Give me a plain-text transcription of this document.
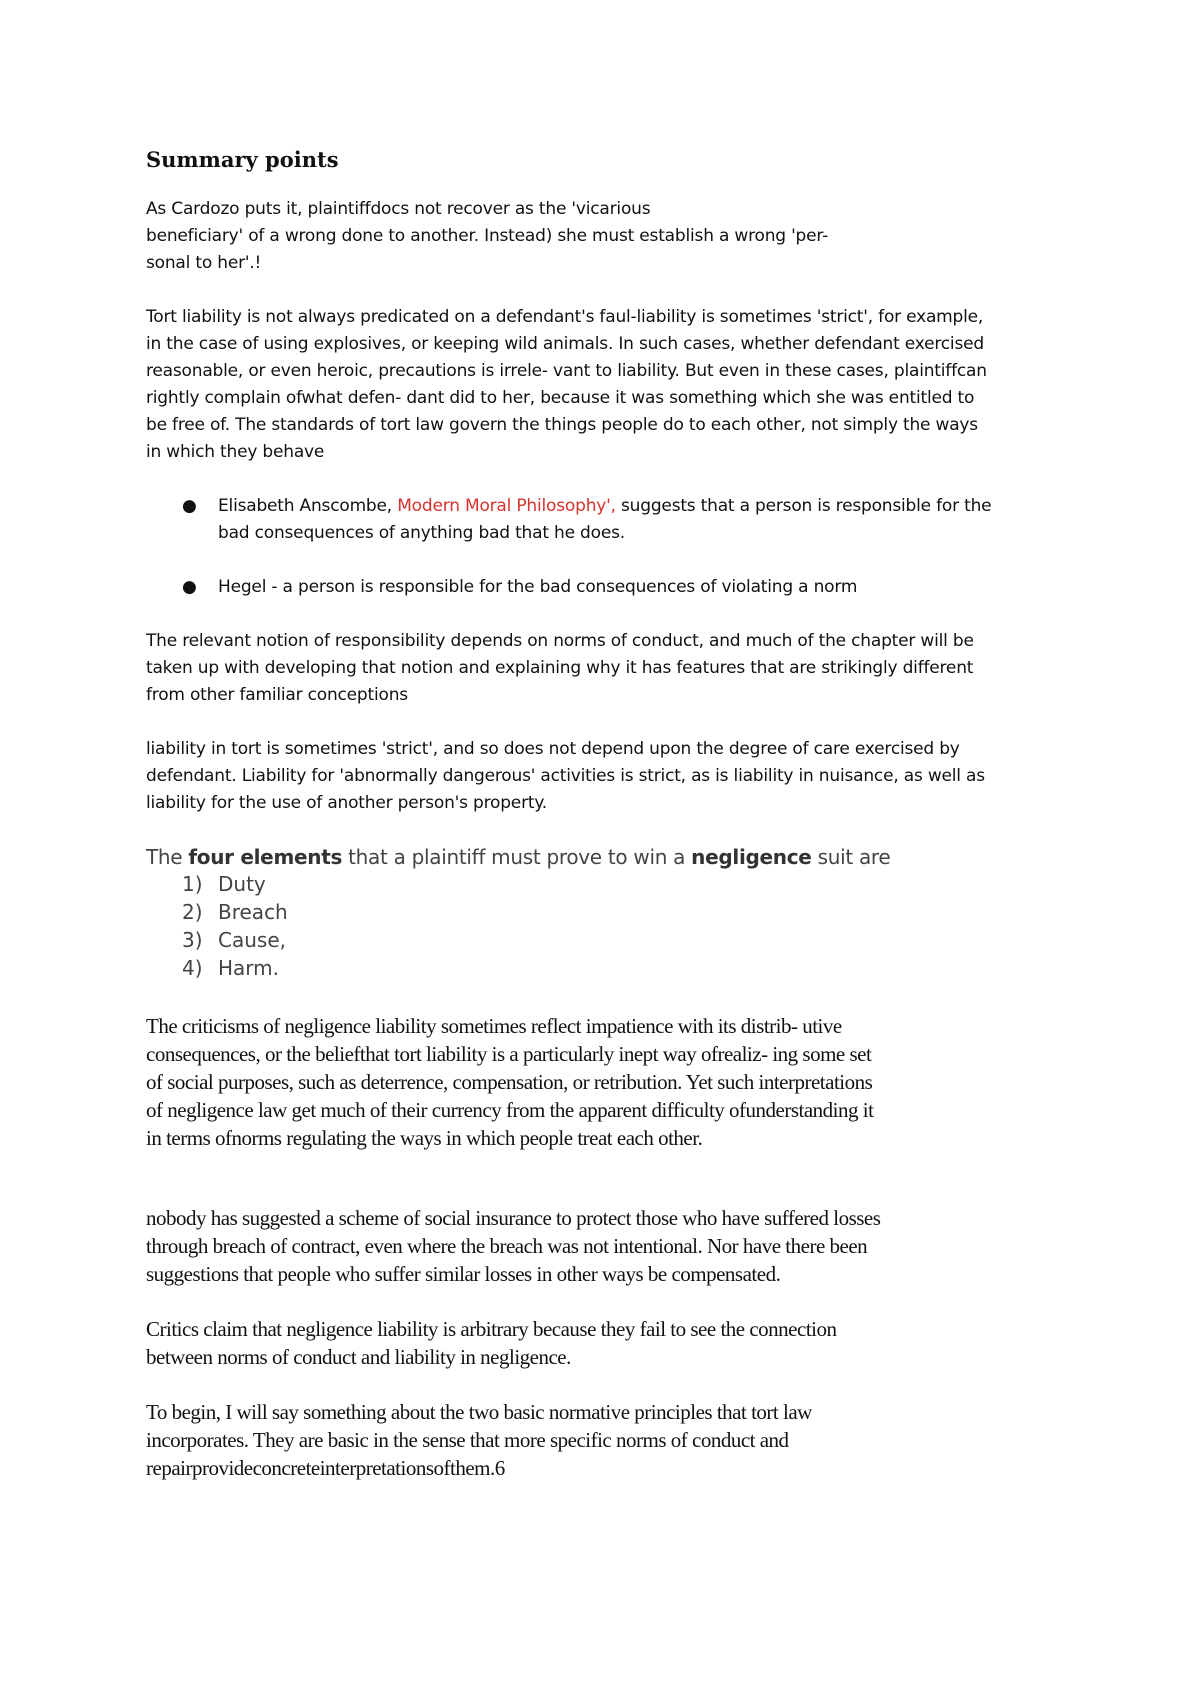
Summary points

As Cardozo puts it, plaintiffdocs not recover as the 'vicarious
beneficiary' of a wrong done to another. Instead) she must establish a wrong 'per-
sonal to her'.!

Tort liability is not always predicated on a defendant's faul-liability is sometimes 'strict', for example,
in the case of using explosives, or keeping wild animals. In such cases, whether defendant exercised
reasonable, or even heroic, precautions is irrele- vant to liability. But even in these cases, plaintiffcan
rightly complain ofwhat defen- dant did to her, because it was something which she was entitled to
be free of. The standards of tort law govern the things people do to each other, not simply the ways
in which they behave

● Elisabeth Anscombe, Modern Moral Philosophy', suggests that a person is responsible for the
bad consequences of anything bad that he does.
● Hegel - a person is responsible for the bad consequences of violating a norm

The relevant notion of responsibility depends on norms of conduct, and much of the chapter will be
taken up with developing that notion and explaining why it has features that are strikingly different
from other familiar conceptions

liability in tort is sometimes 'strict', and so does not depend upon the degree of care exercised by
defendant. Liability for 'abnormally dangerous' activities is strict, as is liability in nuisance, as well as
liability for the use of another person's property.

The four elements that a plaintiff must prove to win a negligence suit are

1) Duty
2) Breach
3) Cause,
4) Harm.

The criticisms of negligence liability sometimes reflect impatience with its distrib- utive
consequences, or the beliefthat tort liability is a particularly inept way ofrealiz- ing some set
of social purposes, such as deterrence, compensation, or retribution. Yet such interpretations
of negligence law get much of their currency from the apparent difficulty ofunderstanding it
in terms ofnorms regulating the ways in which people treat each other.

nobody has suggested a scheme of social insurance to protect those who have suffered losses
through breach of contract, even where the breach was not intentional. Nor have there been
suggestions that people who suffer similar losses in other ways be compensated.

Critics claim that negligence liability is arbitrary because they fail to see the connection
between norms of conduct and liability in negligence.

To begin, I will say something about the two basic normative principles that tort law
incorporates. They are basic in the sense that more specific norms of conduct and
repairprovideconcreteinterpretationsofthem.6
